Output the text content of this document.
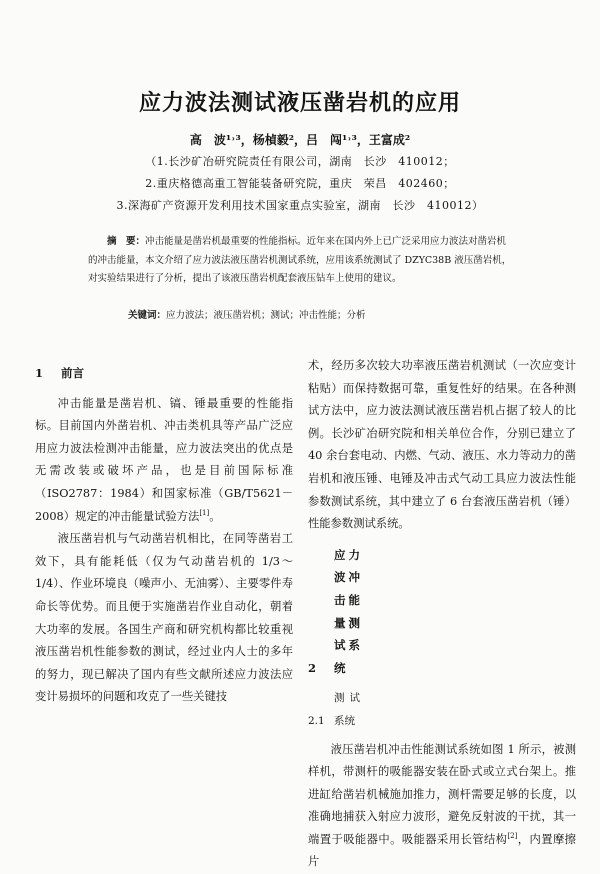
应力波法测试液压凿岩机的应用
高　波¹˒³，杨楨毅²，吕　闯¹˒³，王富成²
（1.长沙矿冶研究院责任有限公司，湖南　长沙　410012；
2.重庆格德高重工智能装备研究院，重庆　荣昌　402460；
3.深海矿产资源开发利用技术国家重点实验室，湖南　长沙　410012）
摘　要：冲击能量是凿岩机最重要的性能指标。近年来在国内外上已广泛采用应力波法对凿岩机的冲击能量，本文介绍了应力波法液压凿岩机测试系统，应用该系统测试了 DZYC38B 液压凿岩机，对实验结果进行了分析，提出了该液压凿岩机配套液压钻车上使用的建议。
关键词：应力波法；液压凿岩机；测试；冲击性能；分析
1 前言

冲击能量是凿岩机、镐、锤最重要的性能指标。目前国内外凿岩机、冲击类机具等产品广泛应用应力波法检测冲击能量，应力波法突出的优点是无需改装或破坏产品，也是目前国际标准（ISO2787：1984）和国家标准（GB/T5621－2008）规定的冲击能量试验方法[1]。

液压凿岩机与气动凿岩机相比，在同等凿岩工效下，具有能耗低（仅为气动凿岩机的 1/3～1/4）、作业环境良（噪声小、无油雾）、主要零件寿命长等优势。而且便于实施凿岩作业自动化，朝着大功率的发展。各国生产商和研究机构都比较重视液压凿岩机性能参数的测试，经过业内人士的多年的努力，现已解决了国内有些文献所述应力波法应变计易损坏的问题和攻克了一些关键技

术，经历多次较大功率液压凿岩机测试（一次应变计粘贴）而保持数据可靠，重复性好的结果。在各种测试方法中，应力波法测试液压凿岩机占据了较人的比例。长沙矿冶研究院和相关单位合作，分别已建立了 40 余台套电动、内燃、气动、液压、水力等动力的凿岩机和液压锤、电锤及冲击式气动工具应力波法性能参数测试系统，其中建立了 6 台套液压凿岩机（锤）性能参数测试系统。

2应力波冲击能量测试系统
2.1测试系统

液压凿岩机冲击性能测试系统如图 1 所示，被测样机，带测杆的吸能器安装在卧式或立式台架上。推进缸给凿岩机械施加推力，测杆需要足够的长度，以准确地捕获入射应力波形，避免反射波的干扰，其一端置于吸能器中。吸能器采用长管结构[2]，内置摩擦片
